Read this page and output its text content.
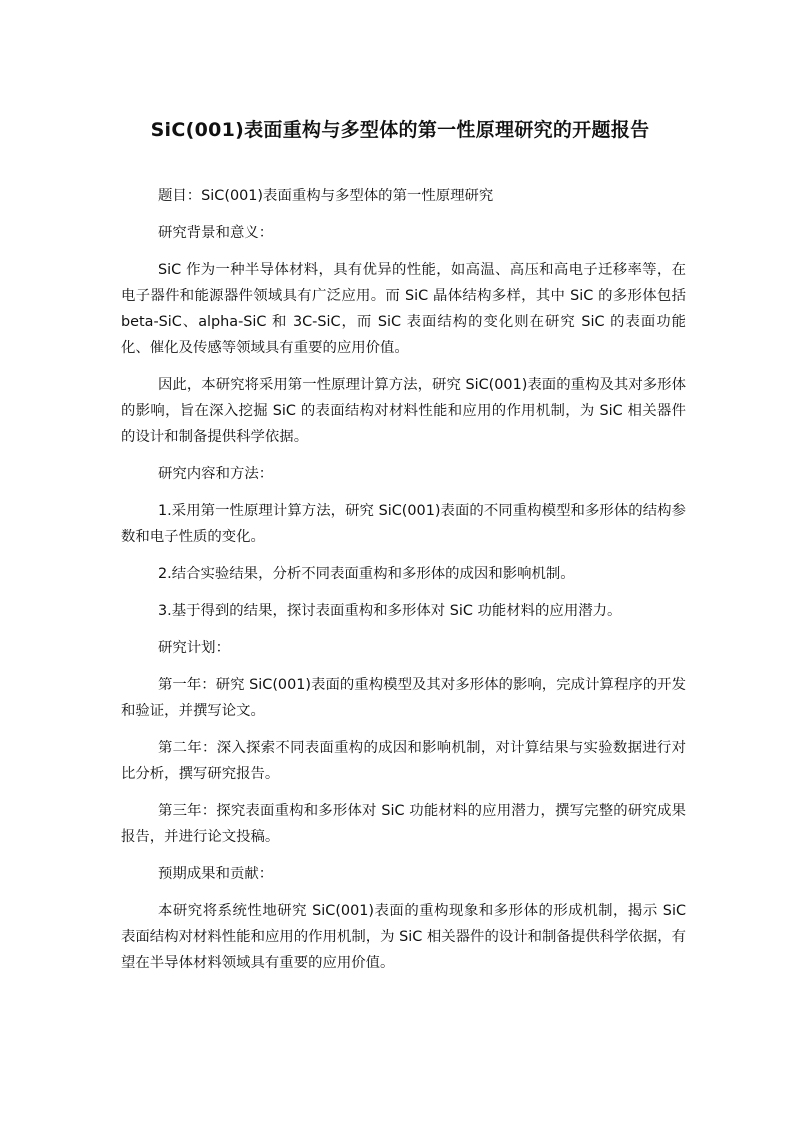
SiC(001)表面重构与多型体的第一性原理研究的开题报告

题目：SiC(001)表面重构与多型体的第一性原理研究

研究背景和意义：

SiC 作为一种半导体材料，具有优异的性能，如高温、高压和高电子迁移率等，在电子器件和能源器件领域具有广泛应用。而 SiC 晶体结构多样，其中 SiC 的多形体包括 beta-SiC、alpha-SiC 和 3C-SiC，而 SiC 表面结构的变化则在研究 SiC 的表面功能化、催化及传感等领域具有重要的应用价值。

因此，本研究将采用第一性原理计算方法，研究 SiC(001)表面的重构及其对多形体的影响，旨在深入挖掘 SiC 的表面结构对材料性能和应用的作用机制，为 SiC 相关器件的设计和制备提供科学依据。

研究内容和方法：

1.采用第一性原理计算方法，研究 SiC(001)表面的不同重构模型和多形体的结构参数和电子性质的变化。

2.结合实验结果，分析不同表面重构和多形体的成因和影响机制。

3.基于得到的结果，探讨表面重构和多形体对 SiC 功能材料的应用潜力。

研究计划：

第一年：研究 SiC(001)表面的重构模型及其对多形体的影响，完成计算程序的开发和验证，并撰写论文。

第二年：深入探索不同表面重构的成因和影响机制，对计算结果与实验数据进行对比分析，撰写研究报告。

第三年：探究表面重构和多形体对 SiC 功能材料的应用潜力，撰写完整的研究成果报告，并进行论文投稿。

预期成果和贡献：

本研究将系统性地研究 SiC(001)表面的重构现象和多形体的形成机制，揭示 SiC 表面结构对材料性能和应用的作用机制，为 SiC 相关器件的设计和制备提供科学依据，有望在半导体材料领域具有重要的应用价值。
